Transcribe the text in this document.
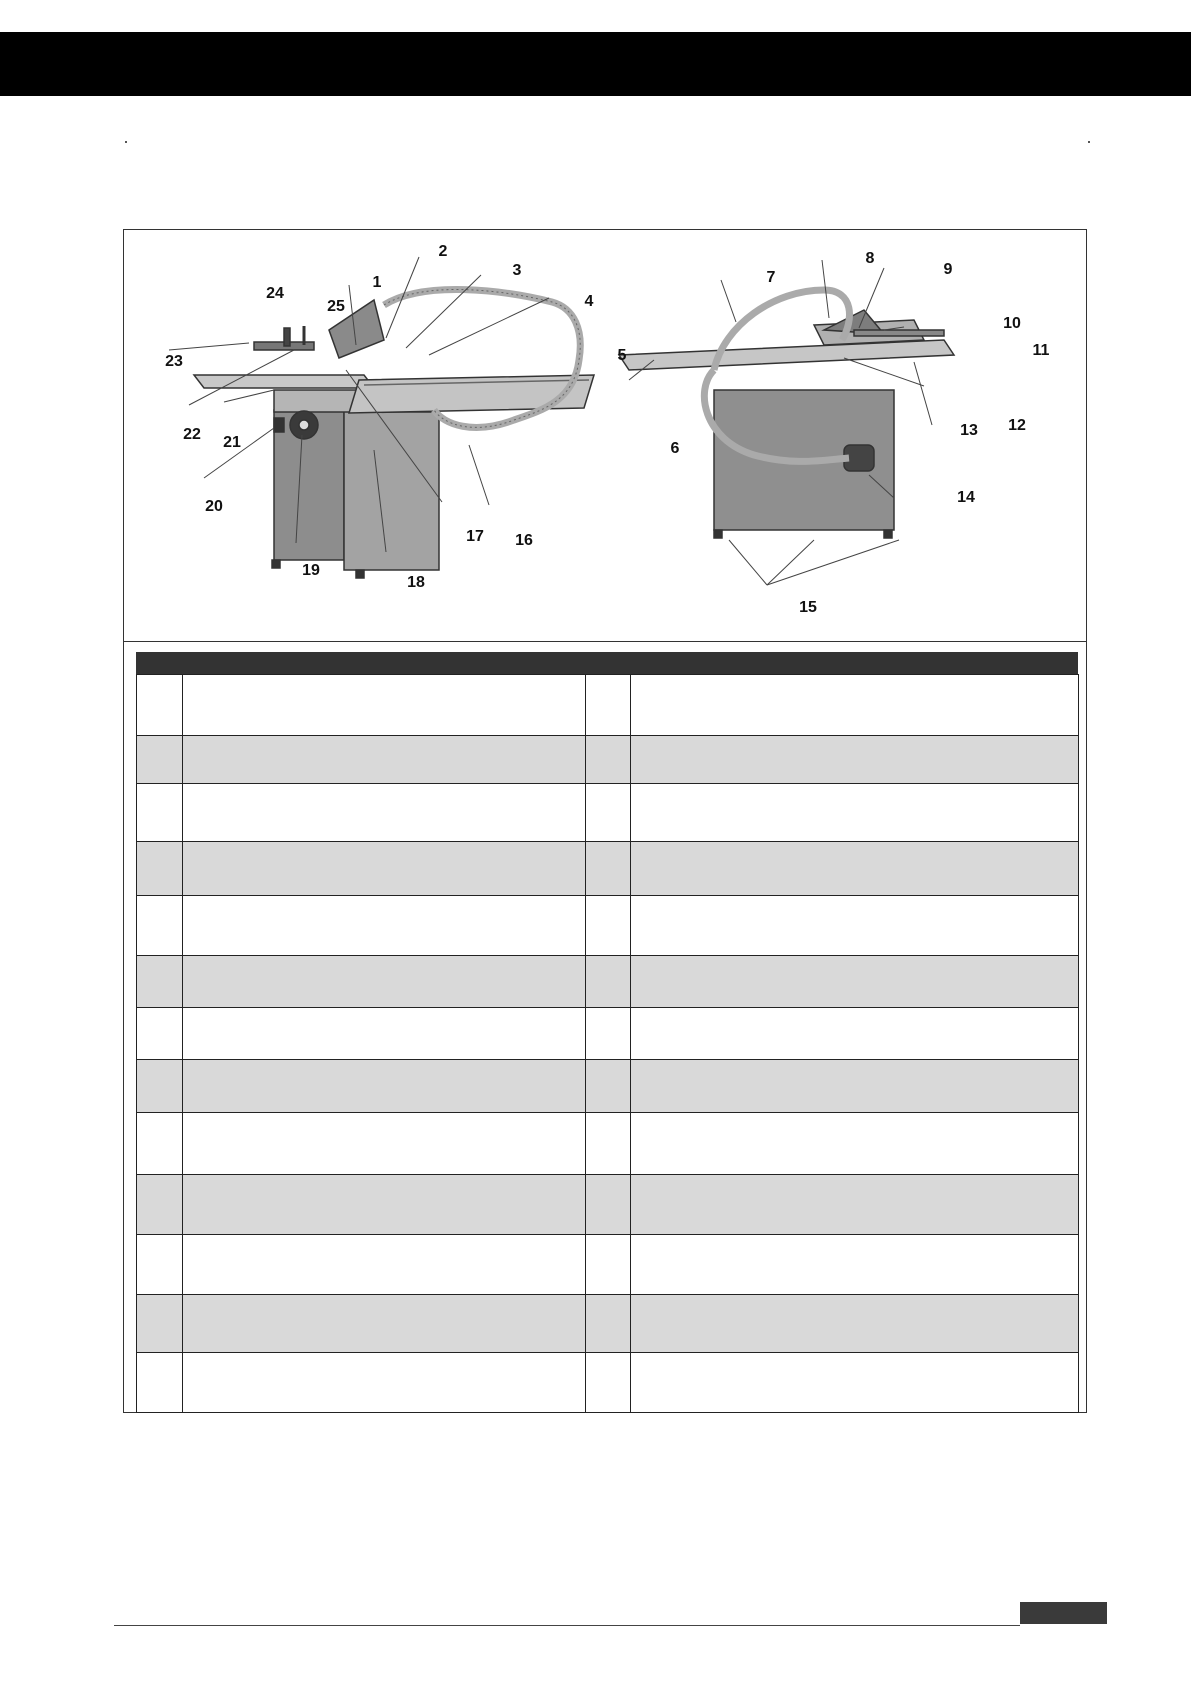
1
2
3
4
5
16
17
18
19
20
21
22
23
24
25
6
7
8
9
10
11
12
13
14
15
